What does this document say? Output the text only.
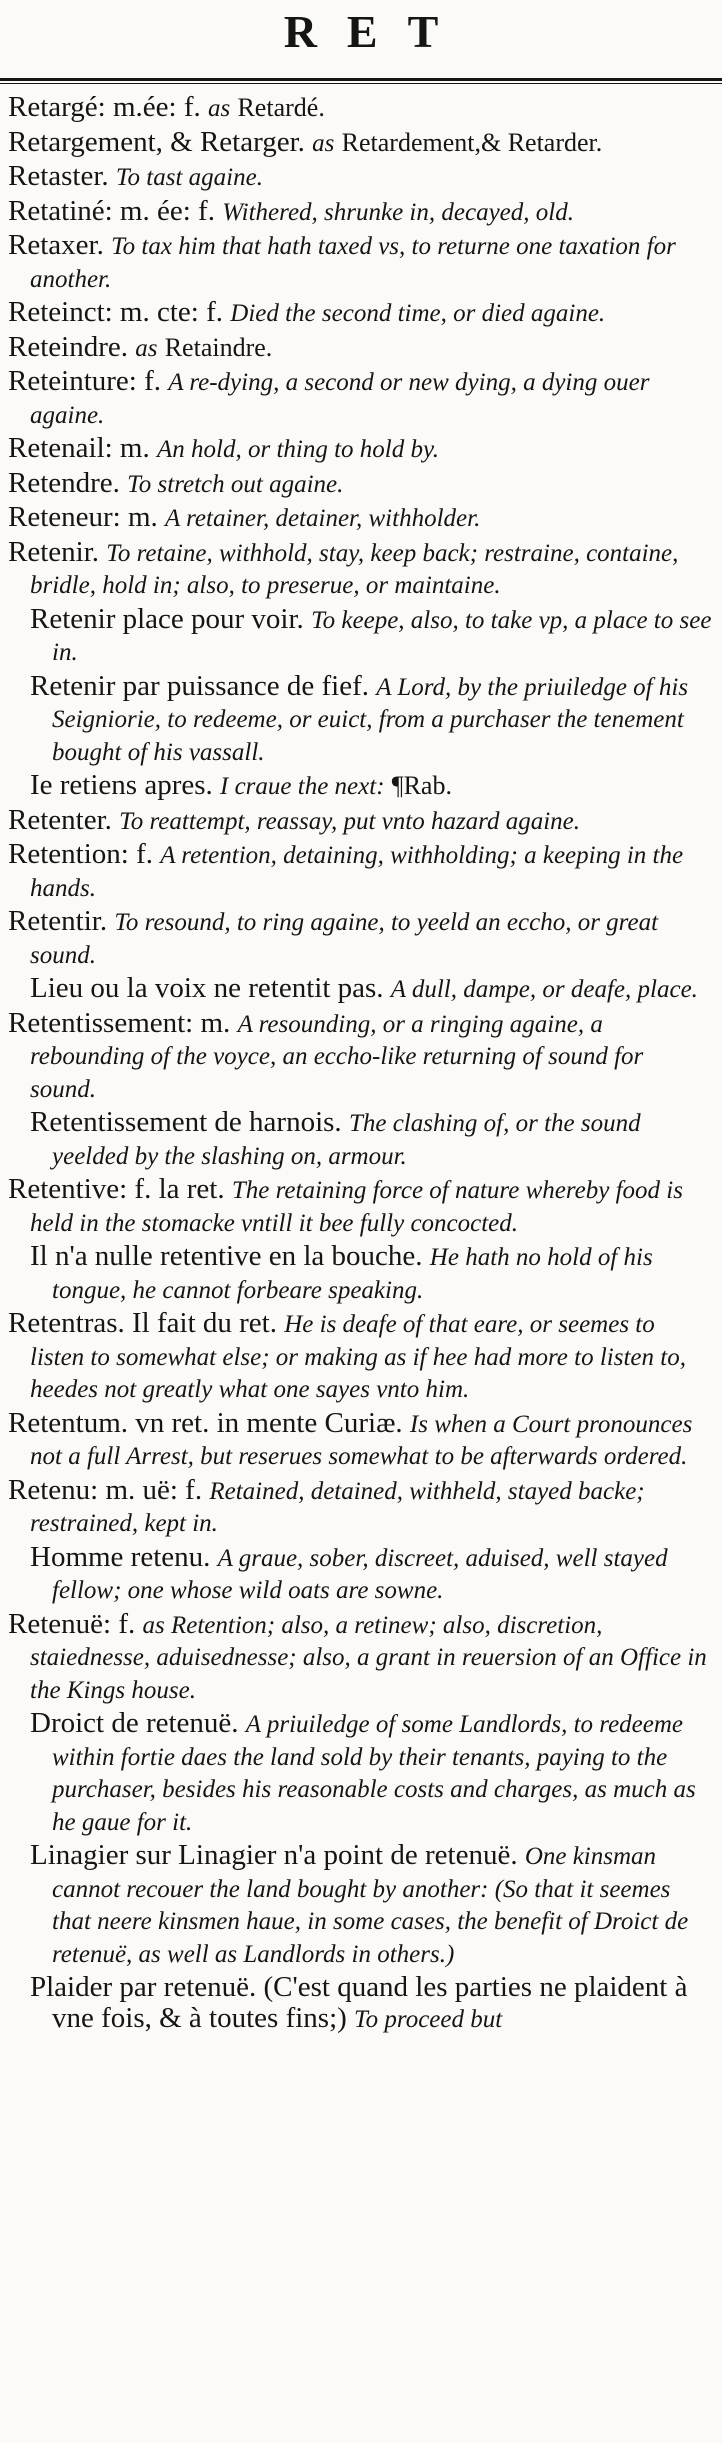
RET
Retargé: m.ée: f. as Retardé.
Retargement, & Retarger. as Retardement,& Retarder.
Retaster. To tast againe.
Retatiné: m. ée: f. Withered, shrunke in, decayed, old.
Retaxer. To tax him that hath taxed vs, to returne one taxation for another.
Reteinct: m. cte: f. Died the second time, or died againe.
Reteindre. as Retaindre.
Reteinture: f. A re-dying, a second or new dying, a dying ouer againe.
Retenail: m. An hold, or thing to hold by.
Retendre. To stretch out againe.
Reteneur: m. A retainer, detainer, withholder.
Retenir. To retaine, withhold, stay, keep back; restraine, containe, bridle, hold in; also, to preserue, or maintaine.
Retenir place pour voir. To keepe, also, to take vp, a place to see in.
Retenir par puissance de fief. A Lord, by the priuiledge of his Seigniorie, to redeeme, or euict, from a purchaser the tenement bought of his vassall.
Ie retiens apres. I craue the next: ¶Rab.
Retenter. To reattempt, reassay, put vnto hazard againe.
Retention: f. A retention, detaining, withholding; a keeping in the hands.
Retentir. To resound, to ring againe, to yeeld an eccho, or great sound.
Lieu ou la voix ne retentit pas. A dull, dampe, or deafe, place.
Retentissement: m. A resounding, or a ringing againe, a rebounding of the voyce, an eccho-like returning of sound for sound.
Retentissement de harnois. The clashing of, or the sound yeelded by the slashing on, armour.
Retentive: f. la ret. The retaining force of nature whereby food is held in the stomacke vntill it bee fully concocted.
Il n'a nulle retentive en la bouche. He hath no hold of his tongue, he cannot forbeare speaking.
Retentras. Il fait du ret. He is deafe of that eare, or seemes to listen to somewhat else; or making as if hee had more to listen to, heedes not greatly what one sayes vnto him.
Retentum. vn ret. in mente Curiæ. Is when a Court pronounces not a full Arrest, but reserues somewhat to be afterwards ordered.
Retenu: m. uë: f. Retained, detained, withheld, stayed backe; restrained, kept in.
Homme retenu. A graue, sober, discreet, aduised, well stayed fellow; one whose wild oats are sowne.
Retenuë: f. as Retention; also, a retinew; also, discretion, staiednesse, aduisednesse; also, a grant in reuersion of an Office in the Kings house.
Droict de retenuë. A priuiledge of some Landlords, to redeeme within fortie daes the land sold by their tenants, paying to the purchaser, besides his reasonable costs and charges, as much as he gaue for it.
Linagier sur Linagier n'a point de retenuë. One kinsman cannot recouer the land bought by another: (So that it seemes that neere kinsmen haue, in some cases, the benefit of Droict de retenuë, as well as Landlords in others.)
Plaider par retenuë. (C'est quand les parties ne plaident à vne fois, & à toutes fins;) To proceed but
